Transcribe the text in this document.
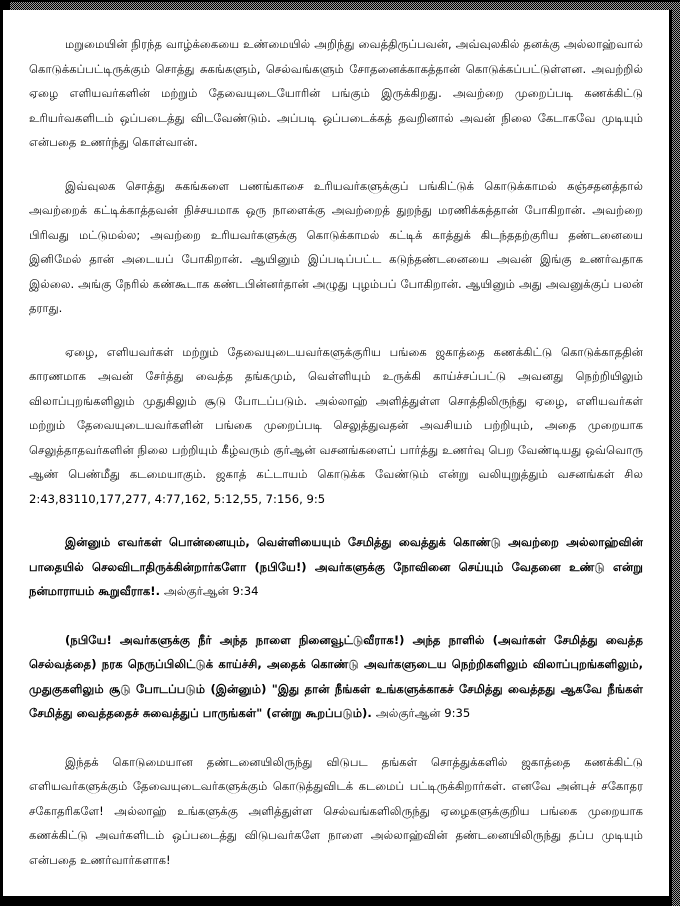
மறுமையின் நிரந்த வாழ்க்கையை உண்மையில் அறிந்து வைத்திருப்பவன், அவ்வுலகில் தனக்கு அல்லாஹ்வால் கொடுக்கப்பட்டிருக்கும் சொத்து சுகங்களும், செல்வங்களும் சோதனைக்காகத்தான் கொடுக்கப்பட்டுள்ளன. அவற்றில் ஏழை எளியவர்களின் மற்றும் தேவையுடையோரின் பங்கும் இருக்கிறது. அவற்றை முறைப்படி கணக்கிட்டு உரியர்வகளிடம் ஒப்படைத்து விடவேண்டும். அப்படி ஒப்படைக்கத் தவறினால் அவன் நிலை கேடாகவே முடியும் என்பதை உணர்ந்து கொள்வான்.

இவ்வுலக சொத்து சுகங்களை பணங்காசை உரியவர்களுக்குப் பங்கிட்டுக் கொடுக்காமல் கஞ்சதனத்தால் அவற்றைக் கட்டிக்காத்தவன் நிச்சயமாக ஒரு நாளைக்கு அவற்றைத் துறந்து மரணிக்கத்தான் போகிறான். அவற்றை பிரிவது மட்டுமல்ல; அவற்றை உரியவர்களுக்கு கொடுக்காமல் கட்டிக் காத்துக் கிடந்ததற்குரிய தண்டனையை இனிமேல் தான் அடையப் போகிறான். ஆயினும் இப்படிப்பட்ட கடுந்தண்டனையை அவன் இங்கு உணர்வதாக இல்லை. அங்கு நேரில் கண்கூடாக கண்டபின்னர்தான் அழுது புழம்பப் போகிறான். ஆயினும் அது அவனுக்குப் பலன் தராது.

ஏழை, எளியவர்கள் மற்றும் தேவையுடையவர்களுக்குரிய பங்கை ஜகாத்தை கணக்கிட்டு கொடுக்காததின் காரணமாக அவன் சேர்த்து வைத்த தங்கமும், வெள்ளியும் உருக்கி காய்ச்சப்பட்டு அவனது நெற்றியிலும் விலாப்புறங்களிலும் முதுகிலும் சூடு போடப்படும். அல்லாஹ் அளித்துள்ள சொத்திலிருந்து ஏழை, எளியவர்கள் மற்றும் தேவையுடையவர்களின் பங்கை முறைப்படி செலுத்துவதன் அவசியம் பற்றியும், அதை முறையாக செலுத்தாதவர்களின் நிலை பற்றியும் கீழ்வரும் குர்ஆன் வசனங்களைப் பார்த்து உணர்வு பெற வேண்டியது ஒவ்வொரு ஆண் பெண்மீது கடமையாகும். ஜகாத் கட்டாயம் கொடுக்க வேண்டும் என்று வலியுறுத்தும் வசனங்கள் சில 2:43,83110,177,277, 4:77,162, 5:12,55, 7:156, 9:5

இன்னும் எவர்கள் பொன்னையும், வெள்ளியையும் சேமித்து வைத்துக் கொண்டு அவற்றை அல்லாஹ்வின் பாதையில் செலவிடாதிருக்கின்றார்களோ (நபியே!) அவர்களுக்கு நோவினை செய்யும் வேதனை உண்டு என்று நன்மாராயம் கூறுவீராக!. அல்குர்ஆன் 9:34

(நபியே! அவர்களுக்கு நீர் அந்த நாளை நினைவூட்டுவீராக!) அந்த நாளில் (அவர்கள் சேமித்து வைத்த செல்வத்தை) நரக நெருப்பிலிட்டுக் காய்ச்சி, அதைக் கொண்டு அவர்களுடைய நெற்றிகளிலும் விலாப்புறங்களிலும், முதுகுகளிலும் சூடு போடப்படும் (இன்னும்) "இது தான் நீங்கள் உங்களுக்காகச் சேமித்து வைத்தது ஆகவே நீங்கள் சேமித்து வைத்ததைச் சுவைத்துப் பாருங்கள்" (என்று கூறப்படும்). அல்குர்ஆன் 9:35

இந்தக் கொடுமையான தண்டனையிலிருந்து விடுபட தங்கள் சொத்துக்களில் ஜகாத்தை கணக்கிட்டு எளியவர்களுக்கும் தேவையுடைவர்களுக்கும் கொடுத்துவிடக் கடமைப் பட்டிருக்கிறார்கள். எனவே அன்புச் சகோதர சகோதரிகளே! அல்லாஹ் உங்களுக்கு அளித்துள்ள செல்வங்களிலிருந்து ஏழைகளுக்குறிய பங்கை முறையாக கணக்கிட்டு அவர்களிடம் ஒப்படைத்து விடுபவர்களே நாளை அல்லாஹ்வின் தண்டனையிலிருந்து தப்ப முடியும் என்பதை உணர்வார்களாக!
